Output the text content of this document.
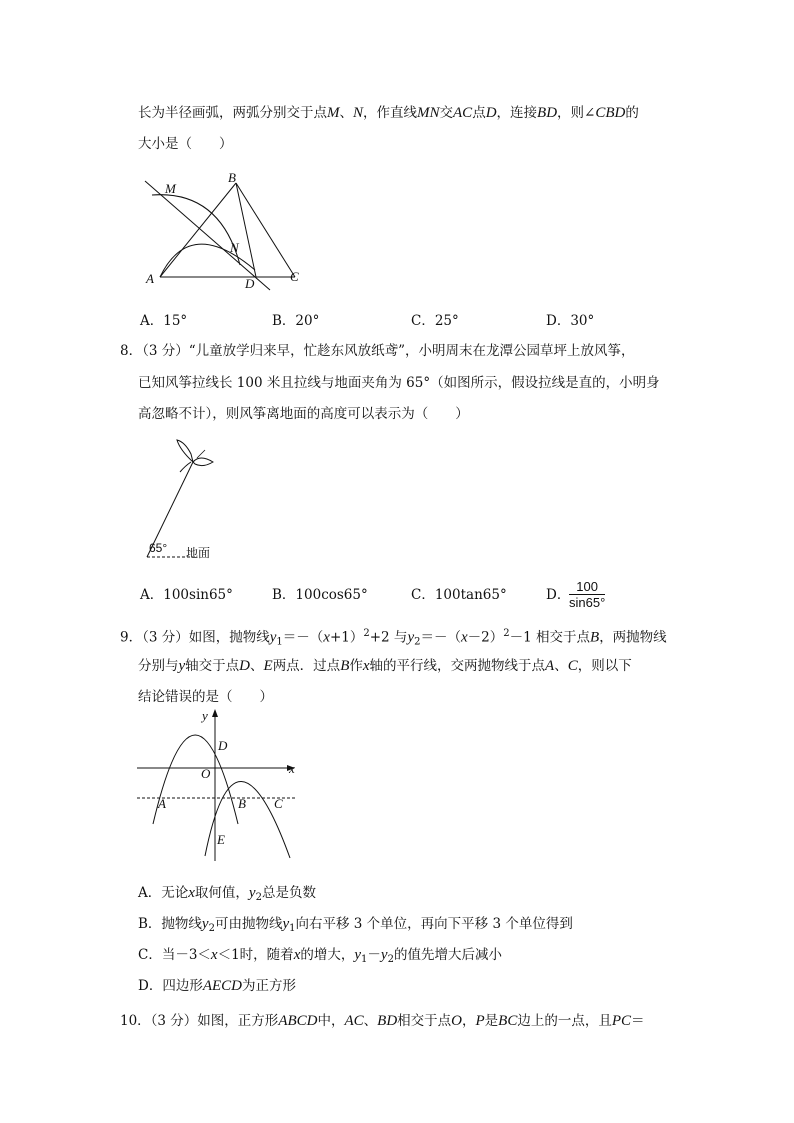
长为半径画弧，两弧分别交于点M、N，作直线MN交AC点D，连接BD，则∠CBD的
大小是（　　）
M
B
N
A	C
D
A．15°	B．20°	C．25°	D．30°
8．（3 分）“儿童放学归来早，忙趁东风放纸鸢”，小明周末在龙潭公园草坪上放风筝，
已知风筝拉线长 100 米且拉线与地面夹角为 65°（如图所示，假设拉线是直的，小明身
高忽略不计），则风筝离地面的高度可以表示为（　　）
65° 地面
A．100sin65°	B．100cos65°	C．100tan65°	D．
$\frac{100}{\sin 65^\circ}$
9．（3 分）如图，抛物线$y_1=-(x+1)^2+2$ 与$y_2=-(x-2)^2-1$ 相交于点B，两抛物线
分别与y轴交于点D、E两点．过点B作x轴的平行线，交两抛物线于点A、C，则以下
结论错误的是（　　）
y
x
O
D
A	B C
E
A．无论x取何值，$y_2$总是负数
B．抛物线$y_2$可由抛物线$y_1$向右平移 3 个单位，再向下平移 3 个单位得到
C．当－3＜x＜1时，随着x的增大，$y_1-y_2$的值先增大后减小
D．四边形AECD为正方形
10．（3 分）如图，正方形ABCD中，AC、BD相交于点O，P是BC边上的一点，且PC＝
